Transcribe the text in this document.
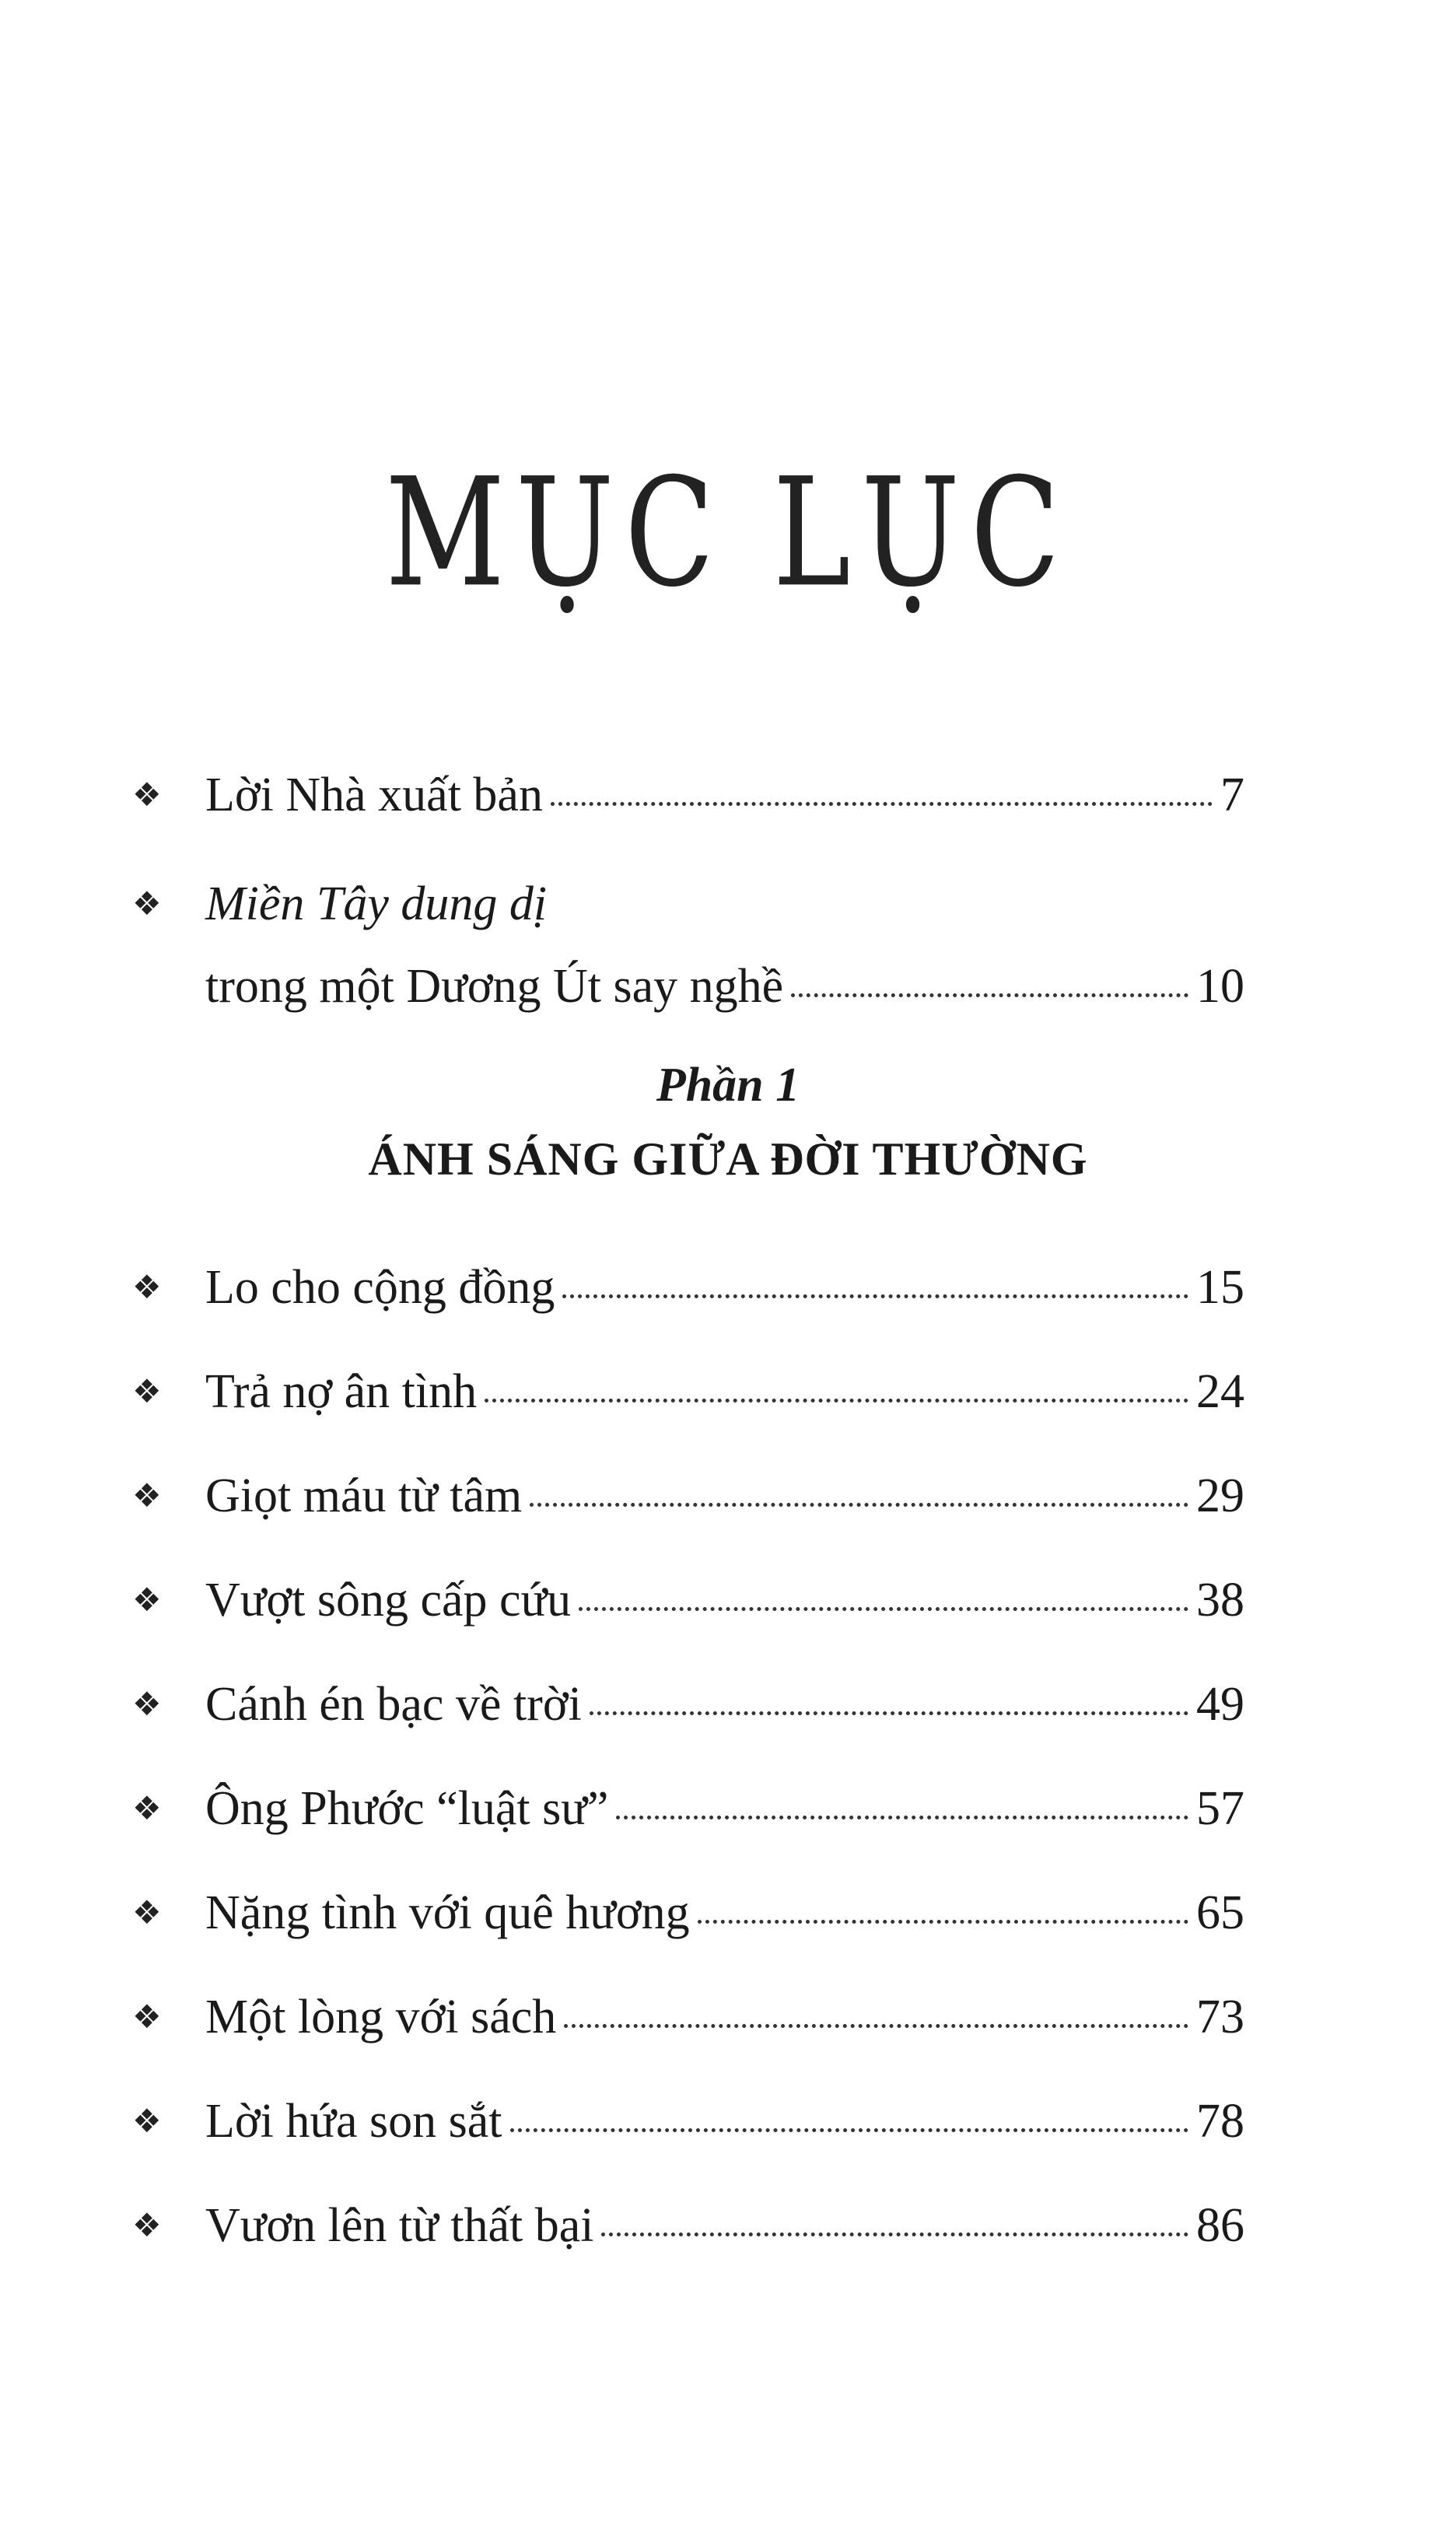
MỤC LỤC
❖ Lời Nhà xuất bản	7
❖ Miền Tây dung dị
trong một Dương Út say nghề	10
Phần 1
ÁNH SÁNG GIỮA ĐỜI THƯỜNG
❖ Lo cho cộng đồng	15
❖ Trả nợ ân tình	24
❖ Giọt máu từ tâm	29
❖ Vượt sông cấp cứu	38
❖ Cánh én bạc về trời	49
❖ Ông Phước “luật sư”	57
❖ Nặng tình với quê hương	65
❖ Một lòng với sách	73
❖ Lời hứa son sắt	78
❖ Vươn lên từ thất bại	86
